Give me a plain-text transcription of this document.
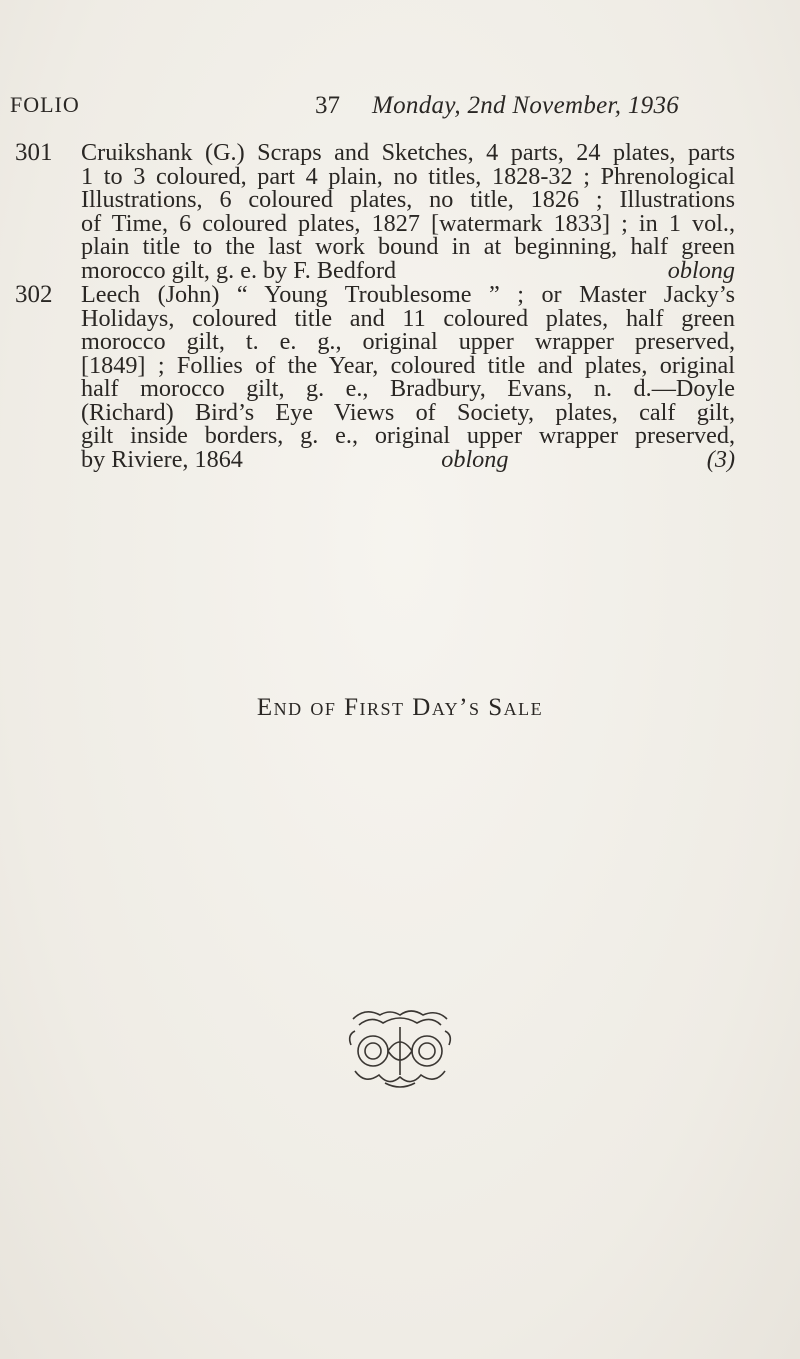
FOLIO	37 Monday, 2nd November, 1936
301 Cruikshank (G.) Scraps and Sketches, 4 parts, 24 plates, parts
1 to 3 coloured, part 4 plain, no titles, 1828-32 ; Phrenological
Illustrations, 6 coloured plates, no title, 1826 ; Illustrations
of Time, 6 coloured plates, 1827 [watermark 1833] ; in 1 vol.,
plain title to the last work bound in at beginning, half green
morocco gilt, g. e. by F. Bedford	oblong
302 Leech (John) “ Young Troublesome ” ; or Master Jacky’s
Holidays, coloured title and 11 coloured plates, half green
morocco gilt, t. e. g., original upper wrapper preserved,
[1849] ; Follies of the Year, coloured title and plates, original
half morocco gilt, g. e., Bradbury, Evans, n. d.—Doyle
(Richard) Bird’s Eye Views of Society, plates, calf gilt,
gilt inside borders, g. e., original upper wrapper preserved,
by Riviere, 1864	oblong	(3)
End of First Day’s Sale
